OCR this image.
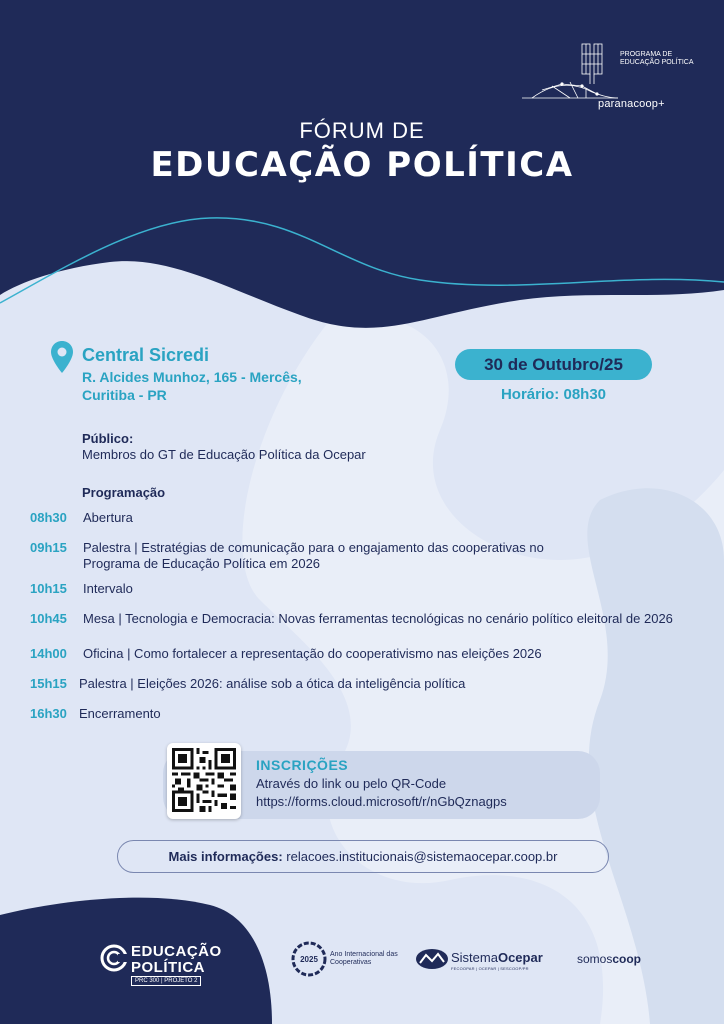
PROGRAMA DE EDUCAÇÃO POLÍTICA
paranacoop+
FÓRUM DE
EDUCAÇÃO POLÍTICA
Central Sicredi
R. Alcides Munhoz, 165 - Mercês,
Curitiba - PR
30 de Outubro/25
Horário: 08h30
Público:
Membros do GT de Educação Política da Ocepar
Programação
08h30 Abertura
09h15 Palestra | Estratégias de comunicação para o engajamento das cooperativas no
Programa de Educação Política em 2026
10h15 Intervalo
10h45 Mesa | Tecnologia e Democracia: Novas ferramentas tecnológicas no cenário político eleitoral de 2026
14h00 Oficina | Como fortalecer a representação do cooperativismo nas eleições 2026
15h15 Palestra | Eleições 2026: análise sob a ótica da inteligência política
16h30 Encerramento
INSCRIÇÕES
Através do link ou pelo QR-Code
https://forms.cloud.microsoft/r/nGbQznagps
Mais informações: relacoes.institucionais@sistemaocepar.coop.br
EDUCAÇÃO
POLÍTICA
PRC 300 | PROJETO 2
2025
Ano Internacional das Cooperativas	SistemaOcepar
FECOOPAR | OCEPAR | SESCOOP/PR
somoscoop
